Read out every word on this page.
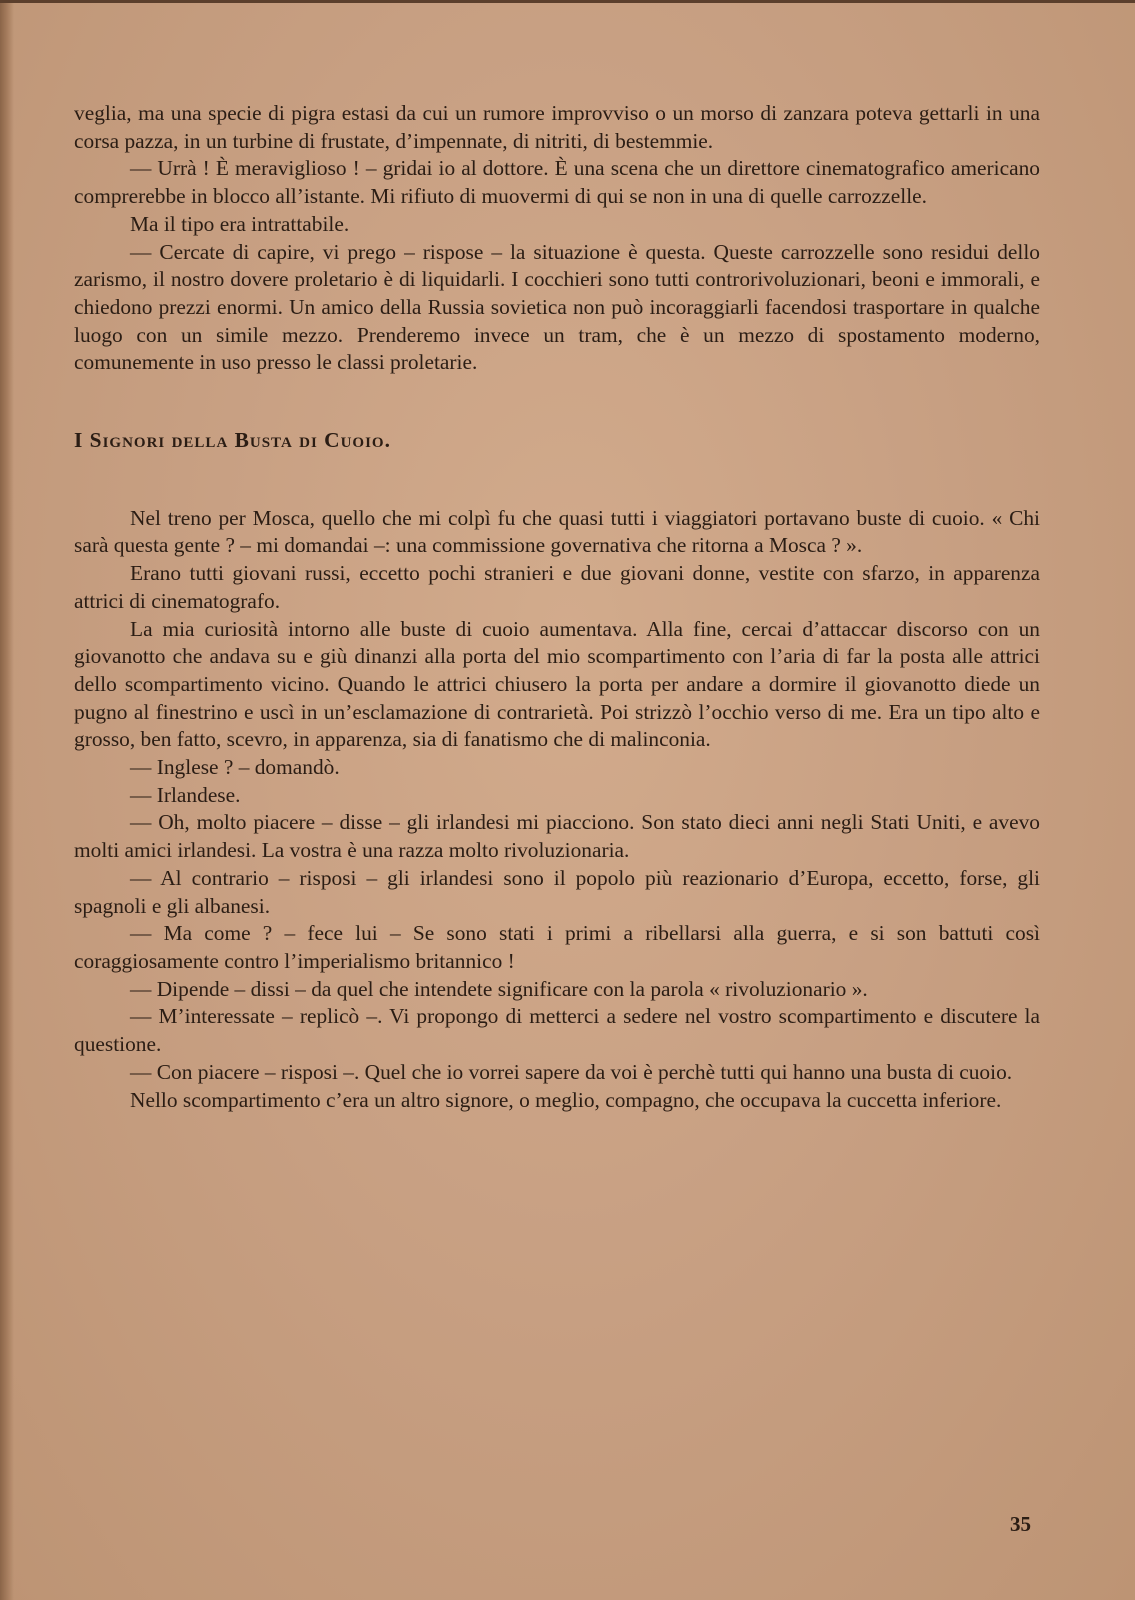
veglia, ma una specie di pigra estasi da cui un rumore improvviso o un morso di zanzara poteva gettarli in una corsa pazza, in un turbine di frustate, d’impennate, di nitriti, di bestemmie.

— Urrà ! È meraviglioso ! – gridai io al dottore. È una scena che un direttore cinematografico americano comprerebbe in blocco all’istante. Mi rifiuto di muovermi di qui se non in una di quelle carrozzelle.

Ma il tipo era intrattabile.

— Cercate di capire, vi prego – rispose – la situazione è questa. Queste carrozzelle sono residui dello zarismo, il nostro dovere proletario è di liquidarli. I cocchieri sono tutti controrivoluzionari, beoni e immorali, e chiedono prezzi enormi. Un amico della Russia sovietica non può incoraggiarli facendosi trasportare in qualche luogo con un simile mezzo. Prenderemo invece un tram, che è un mezzo di spostamento moderno, comunemente in uso presso le classi proletarie.

I Signori della Busta di Cuoio.

Nel treno per Mosca, quello che mi colpì fu che quasi tutti i viaggiatori portavano buste di cuoio. « Chi sarà questa gente ? – mi domandai –: una commissione governativa che ritorna a Mosca ? ».

Erano tutti giovani russi, eccetto pochi stranieri e due giovani donne, vestite con sfarzo, in apparenza attrici di cinematografo.

La mia curiosità intorno alle buste di cuoio aumentava. Alla fine, cercai d’attaccar discorso con un giovanotto che andava su e giù dinanzi alla porta del mio scompartimento con l’aria di far la posta alle attrici dello scompartimento vicino. Quando le attrici chiusero la porta per andare a dormire il giovanotto diede un pugno al finestrino e uscì in un’esclamazione di contrarietà. Poi strizzò l’occhio verso di me. Era un tipo alto e grosso, ben fatto, scevro, in apparenza, sia di fanatismo che di malinconia.

— Inglese ? – domandò.

— Irlandese.

— Oh, molto piacere – disse – gli irlandesi mi piacciono. Son stato dieci anni negli Stati Uniti, e avevo molti amici irlandesi. La vostra è una razza molto rivoluzionaria.

— Al contrario – risposi – gli irlandesi sono il popolo più reazionario d’Europa, eccetto, forse, gli spagnoli e gli albanesi.

— Ma come ? – fece lui – Se sono stati i primi a ribellarsi alla guerra, e si son battuti così coraggiosamente contro l’imperialismo britannico !

— Dipende – dissi – da quel che intendete significare con la parola « rivoluzionario ».

— M’interessate – replicò –. Vi propongo di metterci a sedere nel vostro scompartimento e discutere la questione.

— Con piacere – risposi –. Quel che io vorrei sapere da voi è perchè tutti qui hanno una busta di cuoio.

Nello scompartimento c’era un altro signore, o meglio, compagno, che occupava la cuccetta inferiore.

35
